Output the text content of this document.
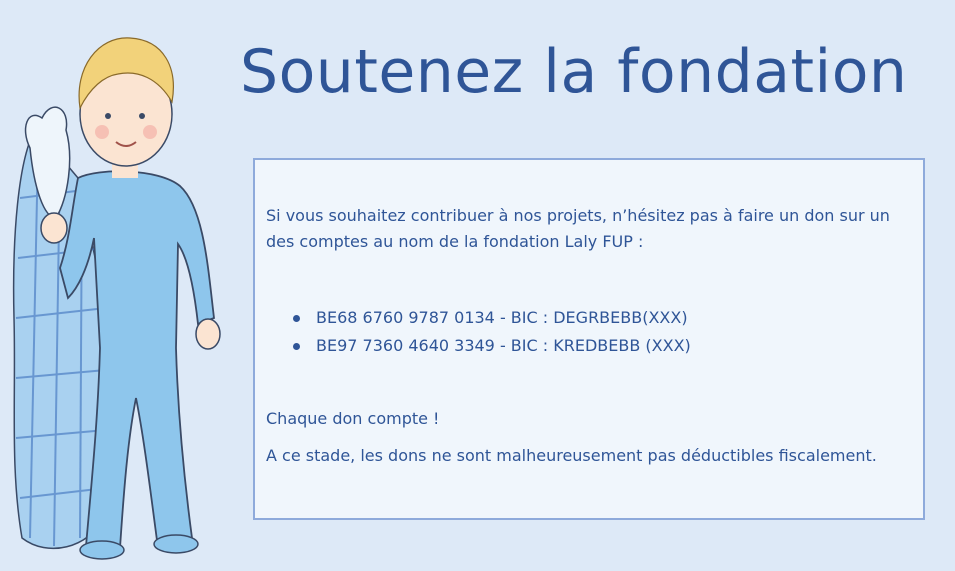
Soutenez la fondation

Si vous souhaitez contribuer à nos projets, n’hésitez pas à faire un don sur un des comptes au nom de la fondation Laly FUP :

BE68 6760 9787 0134 - BIC : DEGRBEBB(XXX)
BE97 7360 4640 3349 - BIC : KREDBEBB (XXX)

Chaque don compte !

A ce stade, les dons ne sont malheureusement pas déductibles fiscalement.
